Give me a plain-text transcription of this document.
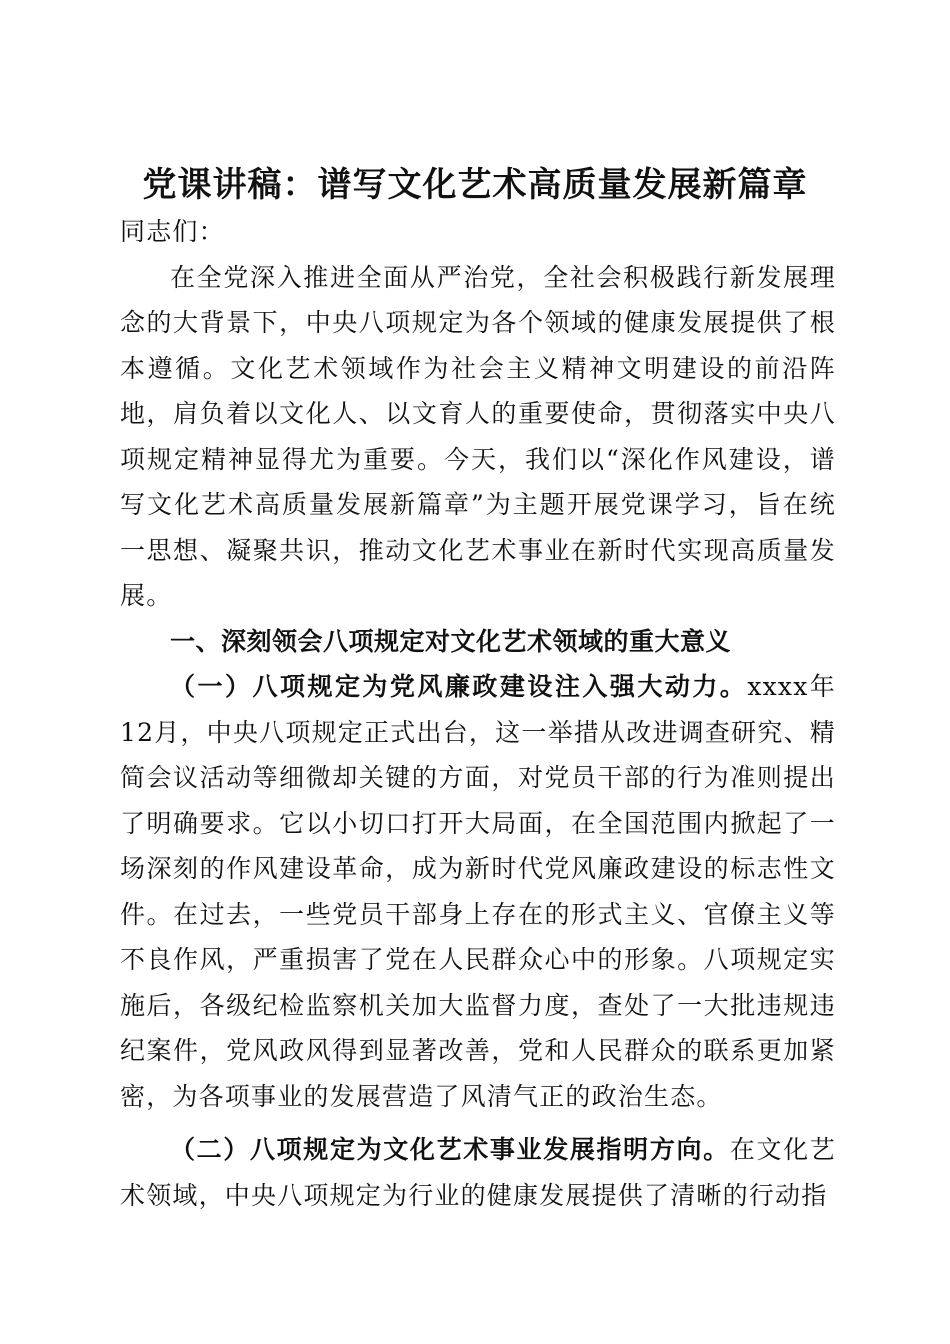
党课讲稿：谱写文化艺术高质量发展新篇章

同志们：

在全党深入推进全面从严治党，全社会积极践行新发展理念的大背景下，中央八项规定为各个领域的健康发展提供了根本遵循。文化艺术领域作为社会主义精神文明建设的前沿阵地，肩负着以文化人、以文育人的重要使命，贯彻落实中央八项规定精神显得尤为重要。今天，我们以“深化作风建设，谱写文化艺术高质量发展新篇章”为主题开展党课学习，旨在统一思想、凝聚共识，推动文化艺术事业在新时代实现高质量发展。

一、深刻领会八项规定对文化艺术领域的重大意义

（一）八项规定为党风廉政建设注入强大动力。xxxx年12月，中央八项规定正式出台，这一举措从改进调查研究、精简会议活动等细微却关键的方面，对党员干部的行为准则提出了明确要求。它以小切口打开大局面，在全国范围内掀起了一场深刻的作风建设革命，成为新时代党风廉政建设的标志性文件。在过去，一些党员干部身上存在的形式主义、官僚主义等不良作风，严重损害了党在人民群众心中的形象。八项规定实施后，各级纪检监察机关加大监督力度，查处了一大批违规违纪案件，党风政风得到显著改善，党和人民群众的联系更加紧密，为各项事业的发展营造了风清气正的政治生态。

（二）八项规定为文化艺术事业发展指明方向。在文化艺术领域，中央八项规定为行业的健康发展提供了清晰的行动指
